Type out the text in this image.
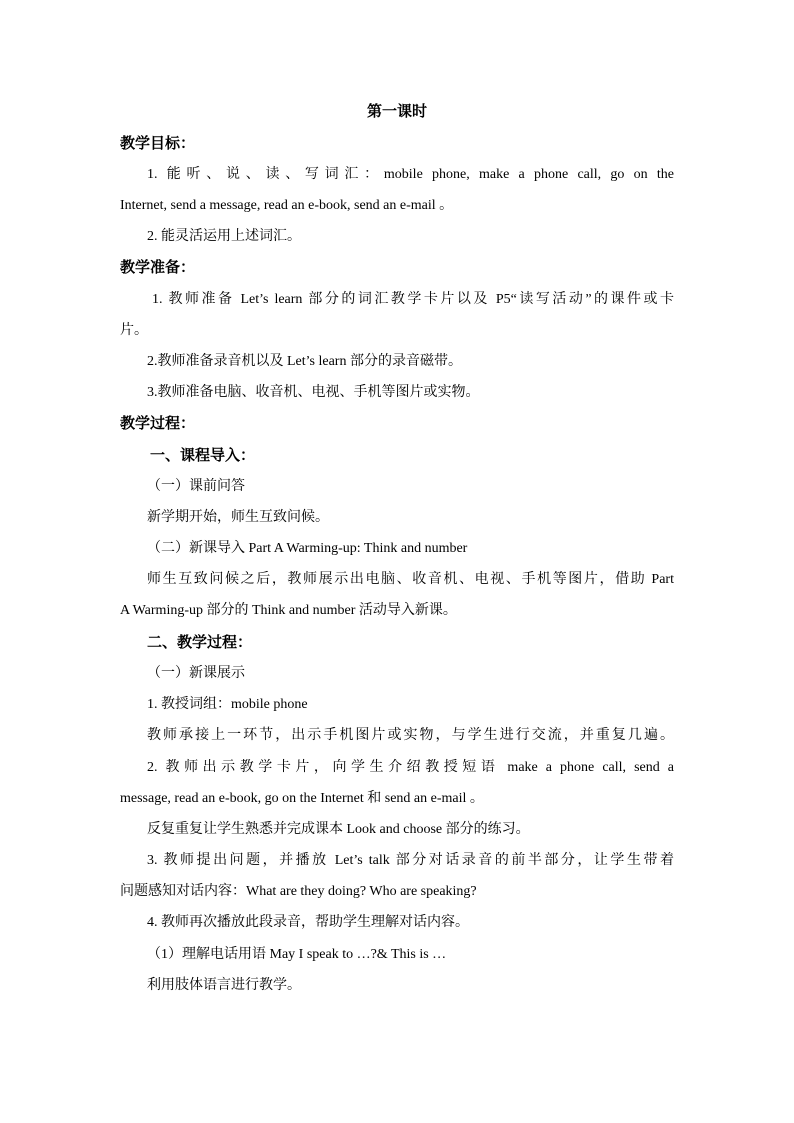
第一课时
教学目标：
1. 能听、说、读、写词汇：mobile phone, make a phone call, go on the
Internet, send a message, read an e-book, send an e-mail 。
2. 能灵活运用上述词汇。
教学准备：
1. 教师准备 Let’s learn 部分的词汇教学卡片以及 P5“读写活动”的课件或卡
片。
2.教师准备录音机以及 Let’s learn 部分的录音磁带。
3.教师准备电脑、收音机、电视、手机等图片或实物。
教学过程：
一、课程导入：
（一）课前问答
新学期开始，师生互致问候。
（二）新课导入 Part A Warming-up: Think and number
师生互致问候之后，教师展示出电脑、收音机、电视、手机等图片，借助 Part
A Warming-up 部分的 Think and number 活动导入新课。
二、教学过程：
（一）新课展示
1. 教授词组：mobile phone
教师承接上一环节，出示手机图片或实物，与学生进行交流，并重复几遍。
2. 教师出示教学卡片，向学生介绍教授短语 make a phone call, send a
message, read an e-book, go on the Internet 和 send an e-mail 。
反复重复让学生熟悉并完成课本 Look and choose 部分的练习。
3. 教师提出问题，并播放 Let’s talk 部分对话录音的前半部分，让学生带着
问题感知对话内容：What are they doing? Who are speaking?
4. 教师再次播放此段录音，帮助学生理解对话内容。
（1）理解电话用语 May I speak to …?& This is …
利用肢体语言进行教学。
